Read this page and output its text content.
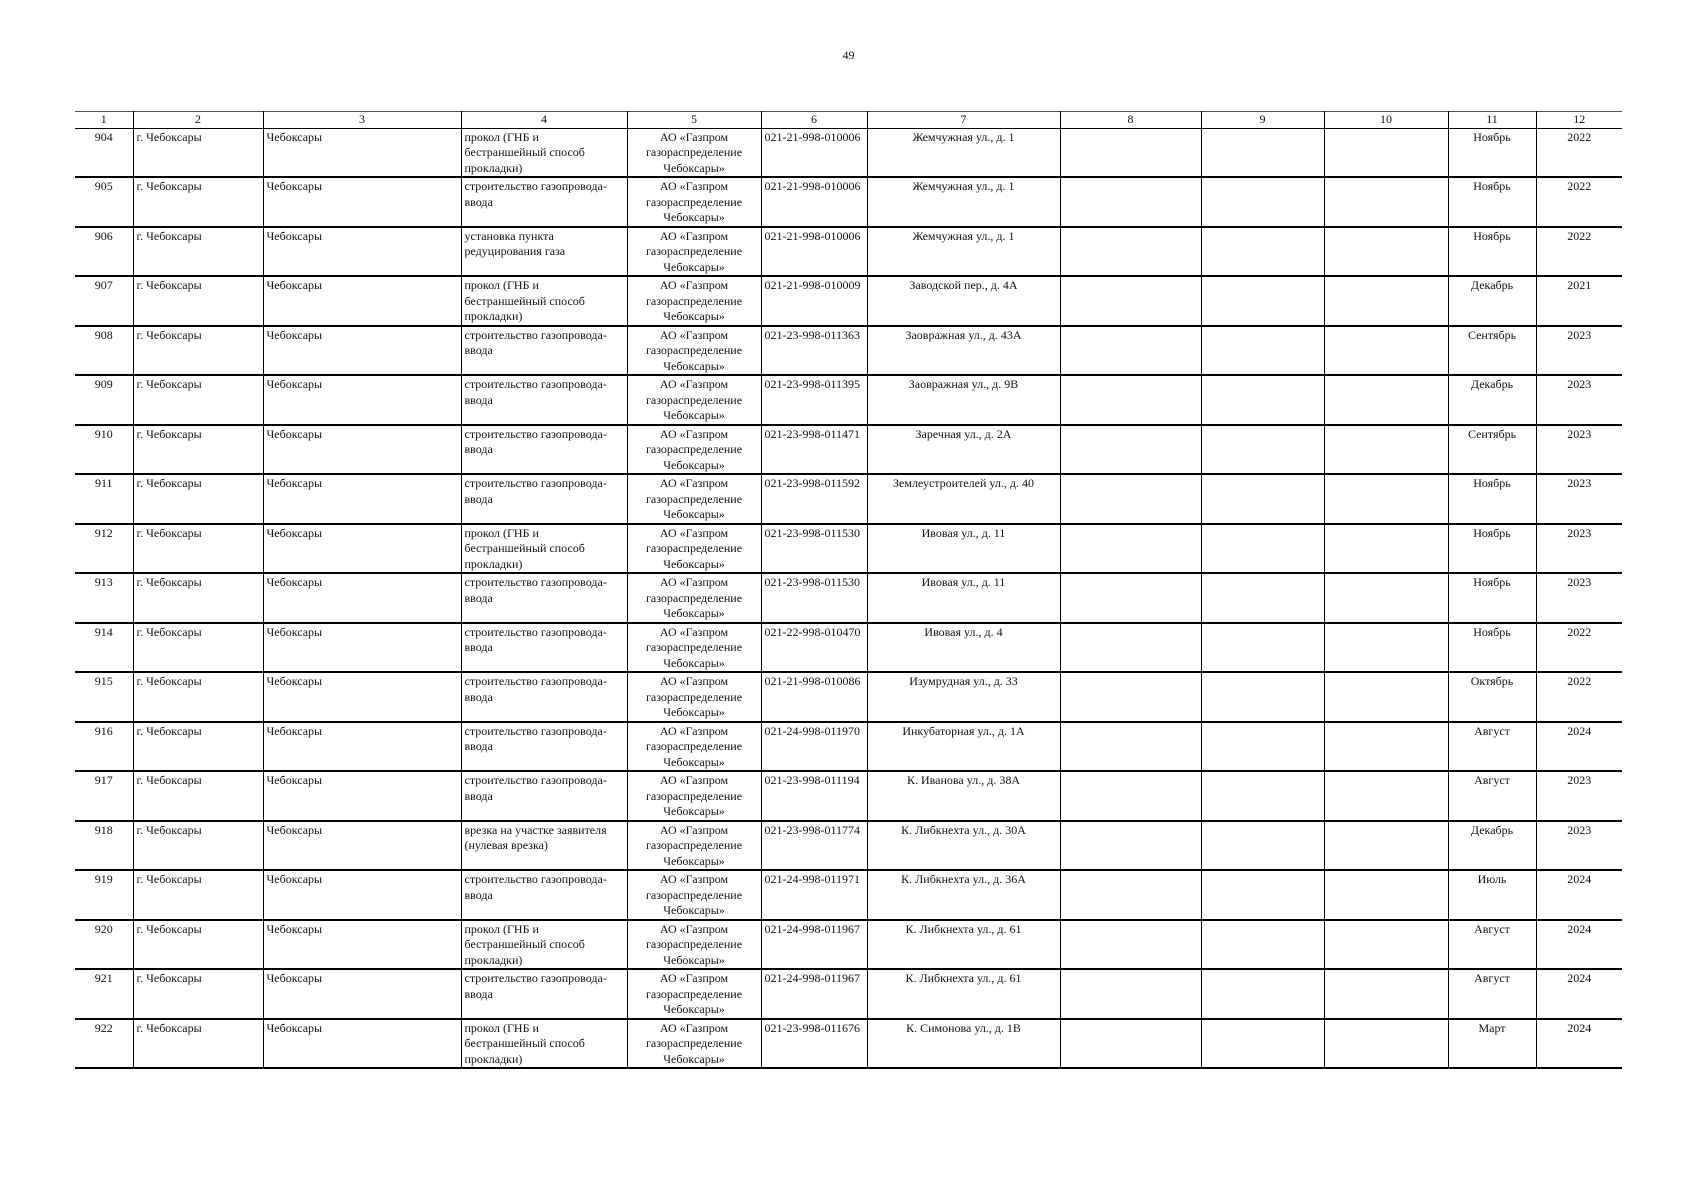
49
1	2	3	4	5	6	7	8	9	10	11	12
904	г. Чебоксары	Чебоксары	прокол (ГНБ и бестраншейный способ прокладки)	АО «Газпром газораспределение Чебоксары»	021-21-998-010006	Жемчужная ул., д. 1				Ноябрь	2022
905	г. Чебоксары	Чебоксары	строительство газопровода-ввода	АО «Газпром газораспределение Чебоксары»	021-21-998-010006	Жемчужная ул., д. 1				Ноябрь	2022
906	г. Чебоксары	Чебоксары	установка пункта редуцирования газа	АО «Газпром газораспределение Чебоксары»	021-21-998-010006	Жемчужная ул., д. 1				Ноябрь	2022
907	г. Чебоксары	Чебоксары	прокол (ГНБ и бестраншейный способ прокладки)	АО «Газпром газораспределение Чебоксары»	021-21-998-010009	Заводской пер., д. 4А				Декабрь	2021
908	г. Чебоксары	Чебоксары	строительство газопровода-ввода	АО «Газпром газораспределение Чебоксары»	021-23-998-011363	Заовражная ул., д. 43А				Сентябрь	2023
909	г. Чебоксары	Чебоксары	строительство газопровода-ввода	АО «Газпром газораспределение Чебоксары»	021-23-998-011395	Заовражная ул., д. 9В				Декабрь	2023
910	г. Чебоксары	Чебоксары	строительство газопровода-ввода	АО «Газпром газораспределение Чебоксары»	021-23-998-011471	Заречная ул., д. 2А				Сентябрь	2023
911	г. Чебоксары	Чебоксары	строительство газопровода-ввода	АО «Газпром газораспределение Чебоксары»	021-23-998-011592	Землеустроителей ул., д. 40				Ноябрь	2023
912	г. Чебоксары	Чебоксары	прокол (ГНБ и бестраншейный способ прокладки)	АО «Газпром газораспределение Чебоксары»	021-23-998-011530	Ивовая ул., д. 11				Ноябрь	2023
913	г. Чебоксары	Чебоксары	строительство газопровода-ввода	АО «Газпром газораспределение Чебоксары»	021-23-998-011530	Ивовая ул., д. 11				Ноябрь	2023
914	г. Чебоксары	Чебоксары	строительство газопровода-ввода	АО «Газпром газораспределение Чебоксары»	021-22-998-010470	Ивовая ул., д. 4				Ноябрь	2022
915	г. Чебоксары	Чебоксары	строительство газопровода-ввода	АО «Газпром газораспределение Чебоксары»	021-21-998-010086	Изумрудная ул., д. 33				Октябрь	2022
916	г. Чебоксары	Чебоксары	строительство газопровода-ввода	АО «Газпром газораспределение Чебоксары»	021-24-998-011970	Инкубаторная ул., д. 1А				Август	2024
917	г. Чебоксары	Чебоксары	строительство газопровода-ввода	АО «Газпром газораспределение Чебоксары»	021-23-998-011194	К. Иванова ул., д. 38А				Август	2023
918	г. Чебоксары	Чебоксары	врезка на участке заявителя (нулевая врезка)	АО «Газпром газораспределение Чебоксары»	021-23-998-011774	К. Либкнехта ул., д. 30А				Декабрь	2023
919	г. Чебоксары	Чебоксары	строительство газопровода-ввода	АО «Газпром газораспределение Чебоксары»	021-24-998-011971	К. Либкнехта ул., д. 36А				Июль	2024
920	г. Чебоксары	Чебоксары	прокол (ГНБ и бестраншейный способ прокладки)	АО «Газпром газораспределение Чебоксары»	021-24-998-011967	К. Либкнехта ул., д. 61				Август	2024
921	г. Чебоксары	Чебоксары	строительство газопровода-ввода	АО «Газпром газораспределение Чебоксары»	021-24-998-011967	К. Либкнехта ул., д. 61				Август	2024
922	г. Чебоксары	Чебоксары	прокол (ГНБ и бестраншейный способ прокладки)	АО «Газпром газораспределение Чебоксары»	021-23-998-011676	К. Симонова ул., д. 1В				Март	2024
